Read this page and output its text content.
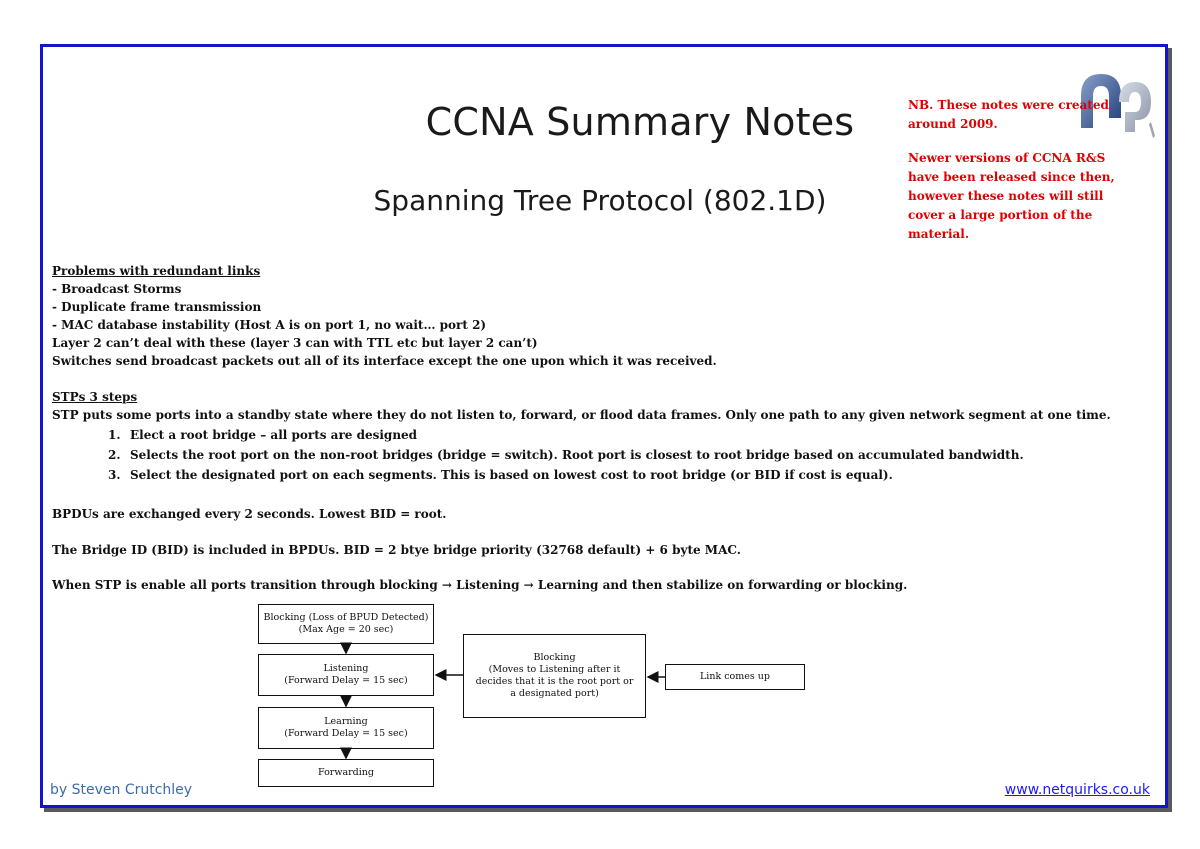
CCNA Summary Notes
Spanning Tree Protocol (802.1D)

NB. These notes were created around 2009.

Newer versions of CCNA R&S have been released since then, however these notes will still cover a large portion of the material.

Problems with redundant links
- Broadcast Storms
- Duplicate frame transmission
- MAC database instability (Host A is on port 1, no wait… port 2)
Layer 2 can’t deal with these (layer 3 can with TTL etc but layer 2 can’t)
Switches send broadcast packets out all of its interface except the one upon which it was received.
STPs 3 steps
STP puts some ports into a standby state where they do not listen to, forward, or flood data frames. Only one path to any given network segment at one time.
1. Elect a root bridge – all ports are designed
2. Selects the root port on the non-root bridges (bridge = switch). Root port is closest to root bridge based on accumulated bandwidth.
3. Select the designated port on each segments. This is based on lowest cost to root bridge (or BID if cost is equal).
BPDUs are exchanged every 2 seconds. Lowest BID = root.
The Bridge ID (BID) is included in BPDUs. BID = 2 btye bridge priority (32768 default) + 6 byte MAC.
When STP is enable all ports transition through blocking → Listening → Learning and then stabilize on forwarding or blocking.
Blocking (Loss of BPUD Detected)
(Max Age = 20 sec)
Listening
(Forward Delay = 15 sec)
Learning
(Forward Delay = 15 sec)
Forwarding
Blocking
(Moves to Listening after it
decides that it is the root port or
a designated port)
Link comes up
by Steven Crutchley	www.netquirks.co.uk
